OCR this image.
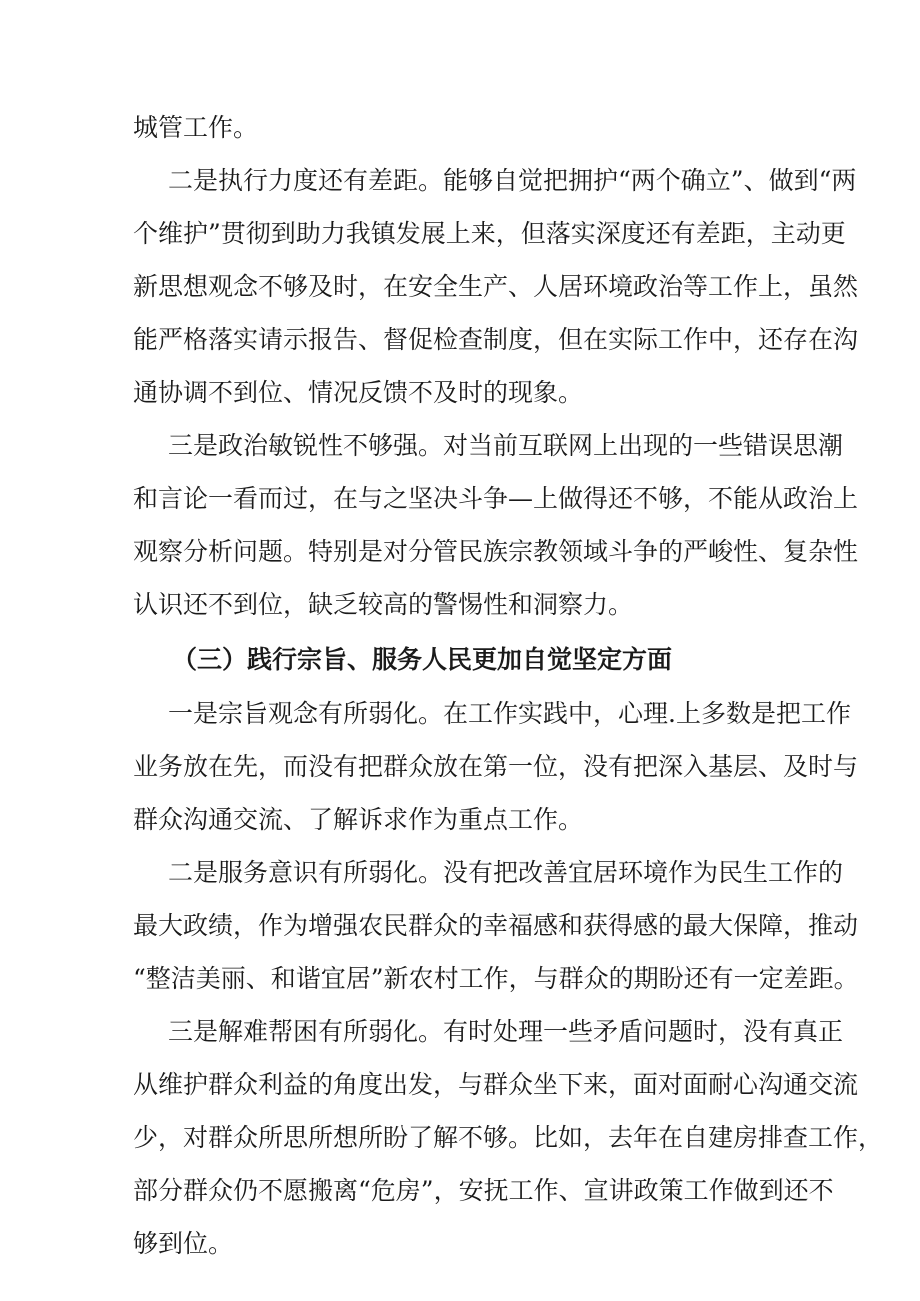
城管工作。
二是执行力度还有差距。能够自觉把拥护“两个确立”、做到“两
个维护”贯彻到助力我镇发展上来，但落实深度还有差距，主动更
新思想观念不够及时，在安全生产、人居环境政治等工作上，虽然
能严格落实请示报告、督促检查制度，但在实际工作中，还存在沟
通协调不到位、情况反馈不及时的现象。
三是政治敏锐性不够强。对当前互联网上出现的一些错误思潮
和言论一看而过，在与之坚决斗争—上做得还不够，不能从政治上
观察分析问题。特别是对分管民族宗教领域斗争的严峻性、复杂性
认识还不到位，缺乏较高的警惕性和洞察力。
（三）践行宗旨、服务人民更加自觉坚定方面
一是宗旨观念有所弱化。在工作实践中，心理.上多数是把工作
业务放在先，而没有把群众放在第一位，没有把深入基层、及时与
群众沟通交流、了解诉求作为重点工作。
二是服务意识有所弱化。没有把改善宜居环境作为民生工作的
最大政绩，作为增强农民群众的幸福感和获得感的最大保障，推动
“整洁美丽、和谐宜居”新农村工作，与群众的期盼还有一定差距。
三是解难帮困有所弱化。有时处理一些矛盾问题时，没有真正
从维护群众利益的角度出发，与群众坐下来，面对面耐心沟通交流
少，对群众所思所想所盼了解不够。比如，去年在自建房排查工作，
部分群众仍不愿搬离“危房”，安抚工作、宣讲政策工作做到还不
够到位。
